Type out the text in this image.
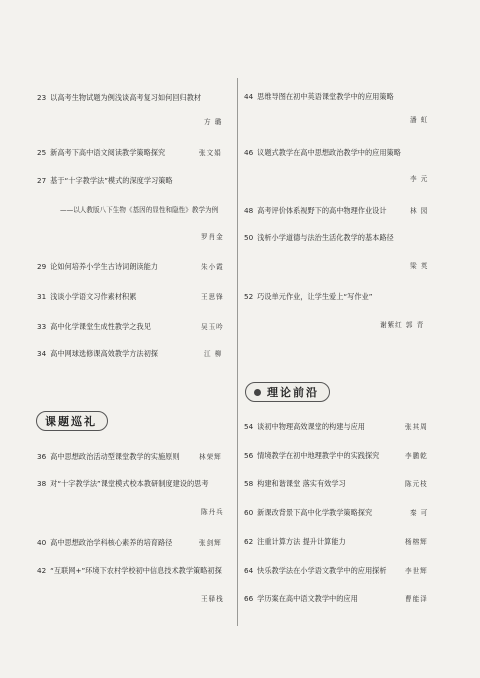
23 以高考生物试题为例浅谈高考复习如何回归教材
方 璐
25 新高考下高中语文阅读教学策略探究	张文娟
27 基于“十字教学法”模式的深度学习策略
——以人教版八下生物《基因的显性和隐性》教学为例
罗肖金
29 论如何培养小学生古诗词朗读能力	朱小霞
31 浅谈小学语文习作素材积累	王思锋
33 高中化学课堂生成性教学之我见	吴玉吟
34 高中网球选修课高效教学方法初探	江 柳
课题巡礼
36 高中思想政治活动型课堂教学的实施原则	林荣辉
38 对“十字教学法”课堂模式校本教研制度建设的思考
陈丹兵
40 高中思想政治学科核心素养的培育路径	张剑辉
42 “互联网+”环境下农村学校初中信息技术教学策略初探
王驿栈
44 思维导图在初中英语课堂教学中的应用策略
潘 虹
46 议题式教学在高中思想政治教学中的应用策略
李 元
48 高考评价体系视野下的高中物理作业设计	林 园
50 浅析小学道德与法治生活化教学的基本路径
梁 英
52 巧设单元作业，让学生爱上“写作业”
谢紫红 郭 青
理论前沿
54 谈初中物理高效课堂的构建与应用	张其周
56 情境教学在初中地理教学中的实践探究	李鹏乾
58 构建和谐课堂 落实有效学习	陈元枝
60 新课改背景下高中化学教学策略探究	秦 可
62 注重计算方法 提升计算能力	杨榕辉
64 快乐教学法在小学语文教学中的应用探析	李世辉
66 学历案在高中语文教学中的应用	曹能泽
